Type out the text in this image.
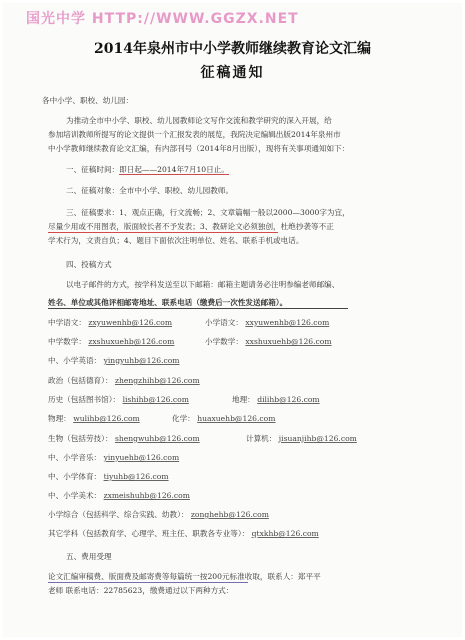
国光中学 HTTP://WWW.GGZX.NET
2014年泉州市中小学教师继续教育论文汇编
征稿通知
各中小学、职校、幼儿园：
为推动全市中小学、职校、幼儿园教师论文写作交流和教学研究的深入开展，给
参加培训教师所提写的论文提供一个汇报发表的展览，我院决定编辑出版2014年泉州市
中小学教师继续教育论文汇编，有内部刊号（2014年8月出版），现将有关事项通知如下：
一、征稿时间：即日起——2014年7月10日止。
二、征稿对象：全市中小学、职校、幼儿园教师。
三、征稿要求：1、观点正确，行文流畅；2、文章篇幅一般以2000—3000字为宜，
尽量少用或不用图表，版面较长者不予发表；3、教研论文必须独创，杜绝抄袭等不正
学术行为，文责自负；4、题目下面依次注明单位、姓名、联系手机或电话。
四、投稿方式
以电子邮件的方式，按学科发送至以下邮箱：邮箱主题请务必注明参编老师邮编、
姓名、单位或其他评相邮寄地址、联系电话（缴费后一次性发送邮箱）。
中学语文： zxyuwenhb@126.com	小学语文： xxyuwenhb@126.com
中学数学： zxshuxuehb@126.com	小学数学： xxshuxuehb@126.com
中、小学英语： yingyuhb@126.com
政治（包括德育）： zhengzhihb@126.com
历史（包括图书馆）： lishihb@126.com	地理： dilihb@126.com
物理： wulihb@126.com	化学： huaxuehb@126.com
生物（包括劳技）： shengwuhb@126.com	计算机： jisuanjihb@126.com
中、小学音乐： yinyuehb@126.com
中、小学体育： tiyuhb@126.com
中、小学美术： zxmeishuhb@126.com
小学综合（包括科学、综合实践、幼教）： zonghehb@126.com
其它学科（包括教育学、心理学、班主任、职教各专业等）： qtxkhb@126.com
五、费用受理
论文汇编审稿费、版面费及邮寄费等每篇统一按200元标准收取，联系人：郑平平
老师 联系电话：22785623，缴费通过以下两种方式：
